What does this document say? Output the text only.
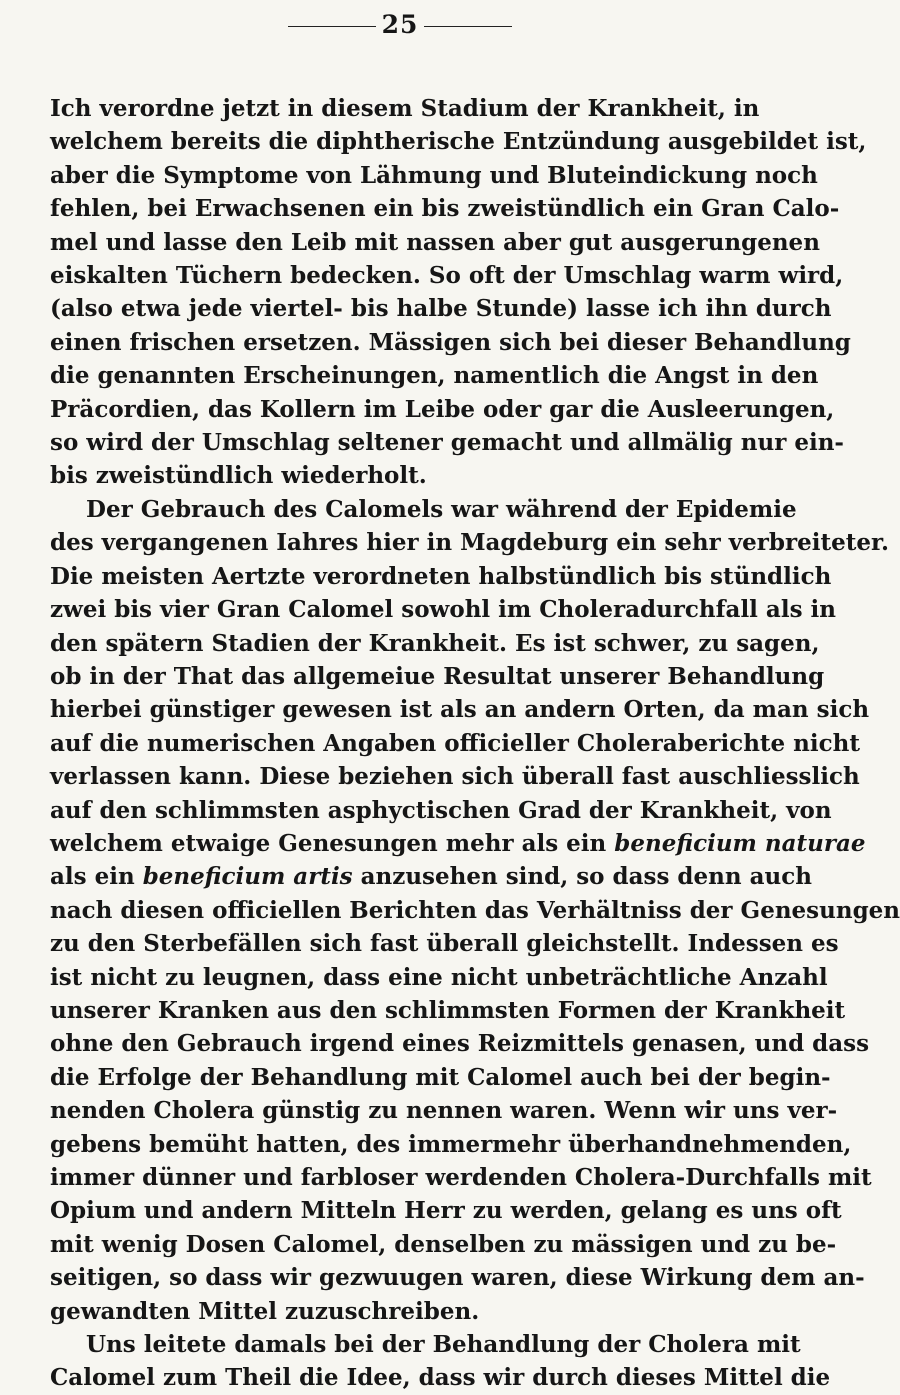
25
Ich verordne jetzt in diesem Stadium der Krankheit, in
welchem bereits die diphtherische Entzündung ausgebildet ist,
aber die Symptome von Lähmung und Bluteindickung noch
fehlen, bei Erwachsenen ein bis zweistündlich ein Gran Calo-
mel und lasse den Leib mit nassen aber gut ausgerungenen
eiskalten Tüchern bedecken. So oft der Umschlag warm wird,
(also etwa jede viertel- bis halbe Stunde) lasse ich ihn durch
einen frischen ersetzen. Mässigen sich bei dieser Behandlung
die genannten Erscheinungen, namentlich die Angst in den
Präcordien, das Kollern im Leibe oder gar die Ausleerungen,
so wird der Umschlag seltener gemacht und allmälig nur ein-
bis zweistündlich wiederholt.
Der Gebrauch des Calomels war während der Epidemie
des vergangenen Iahres hier in Magdeburg ein sehr verbreiteter.
Die meisten Aertzte verordneten halbstündlich bis stündlich
zwei bis vier Gran Calomel sowohl im Choleradurchfall als in
den spätern Stadien der Krankheit. Es ist schwer, zu sagen,
ob in der That das allgemeiue Resultat unserer Behandlung
hierbei günstiger gewesen ist als an andern Orten, da man sich
auf die numerischen Angaben officieller Choleraberichte nicht
verlassen kann. Diese beziehen sich überall fast auschliesslich
auf den schlimmsten asphyctischen Grad der Krankheit, von
welchem etwaige Genesungen mehr als ein beneficium naturae
als ein beneficium artis anzusehen sind, so dass denn auch
nach diesen officiellen Berichten das Verhältniss der Genesungen
zu den Sterbefällen sich fast überall gleichstellt. Indessen es
ist nicht zu leugnen, dass eine nicht unbeträchtliche Anzahl
unserer Kranken aus den schlimmsten Formen der Krankheit
ohne den Gebrauch irgend eines Reizmittels genasen, und dass
die Erfolge der Behandlung mit Calomel auch bei der begin-
nenden Cholera günstig zu nennen waren. Wenn wir uns ver-
gebens bemüht hatten, des immermehr überhandnehmenden,
immer dünner und farbloser werdenden Cholera-Durchfalls mit
Opium und andern Mitteln Herr zu werden, gelang es uns oft
mit wenig Dosen Calomel, denselben zu mässigen und zu be-
seitigen, so dass wir gezwuugen waren, diese Wirkung dem an-
gewandten Mittel zuzuschreiben.
Uns leitete damals bei der Behandlung der Cholera mit
Calomel zum Theil die Idee, dass wir durch dieses Mittel die
